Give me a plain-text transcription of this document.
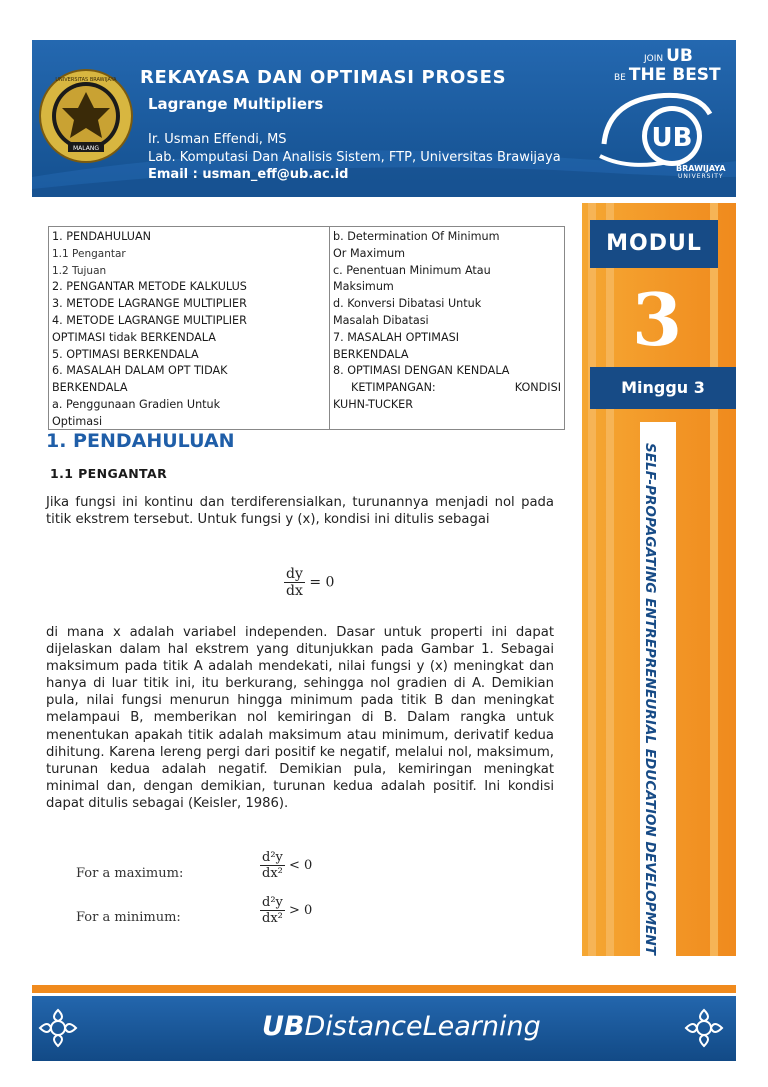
MALANG
UNIVERSITAS BRAWIJAYA REKAYASA DAN OPTIMASI PROSES
Lagrange Multipliers
Ir. Usman Effendi, MS
Lab. Komputasi Dan Analisis Sistem, FTP, Universitas Brawijaya
Email : usman_eff@ub.ac.id
JOIN UB
BE THE BEST
UB
BRAWIJAYA
UNIVERSITY
MODUL
3
Minggu 3
SELF-PROPAGATING ENTREPRENEURIAL EDUCATION DEVELOPMENT
1. PENDAHULUAN
1.1 Pengantar
1.2 Tujuan
2. PENGANTAR METODE KALKULUS
3. METODE LAGRANGE MULTIPLIER
4. METODE LAGRANGE MULTIPLIER
OPTIMASI tidak BERKENDALA
5. OPTIMASI BERKENDALA
6. MASALAH DALAM OPT TIDAK
BERKENDALA
a. Penggunaan Gradien Untuk
Optimasi
b. Determination Of Minimum
Or Maximum
c. Penentuan Minimum Atau
Maksimum
d. Konversi Dibatasi Untuk
Masalah Dibatasi
7. MASALAH OPTIMASI
BERKENDALA
8. OPTIMASI DENGAN KENDALA
KETIMPANGAN:	KONDISI
KUHN-TUCKER
1. PENDAHULUAN
1.1 PENGANTAR
Jika fungsi ini kontinu dan terdiferensialkan, turunannya menjadi nol pada titik ekstrem tersebut. Untuk fungsi y (x), kondisi ini ditulis sebagai
$\frac{dy}{dx} = 0$
di mana x adalah variabel independen. Dasar untuk properti ini dapat dijelaskan dalam hal ekstrem yang ditunjukkan pada Gambar 1. Sebagai maksimum pada titik A adalah mendekati, nilai fungsi y (x) meningkat dan hanya di luar titik ini, itu berkurang, sehingga nol gradien di A. Demikian pula, nilai fungsi menurun hingga minimum pada titik B dan meningkat melampaui B, memberikan nol kemiringan di B. Dalam rangka untuk menentukan apakah titik adalah maksimum atau minimum, derivatif kedua dihitung. Karena lereng pergi dari positif ke negatif, melalui nol, maksimum, turunan kedua adalah negatif. Demikian pula, kemiringan meningkat minimal dan, dengan demikian, turunan kedua adalah positif. Ini kondisi dapat ditulis sebagai (Keisler, 1986).
For a maximum:	$\frac{\text{d²y}}{\text{dx²}} < 0$
For a minimum:	$\frac{\text{d²y}}{\text{dx²}} > 0$
UBDistanceLearning
